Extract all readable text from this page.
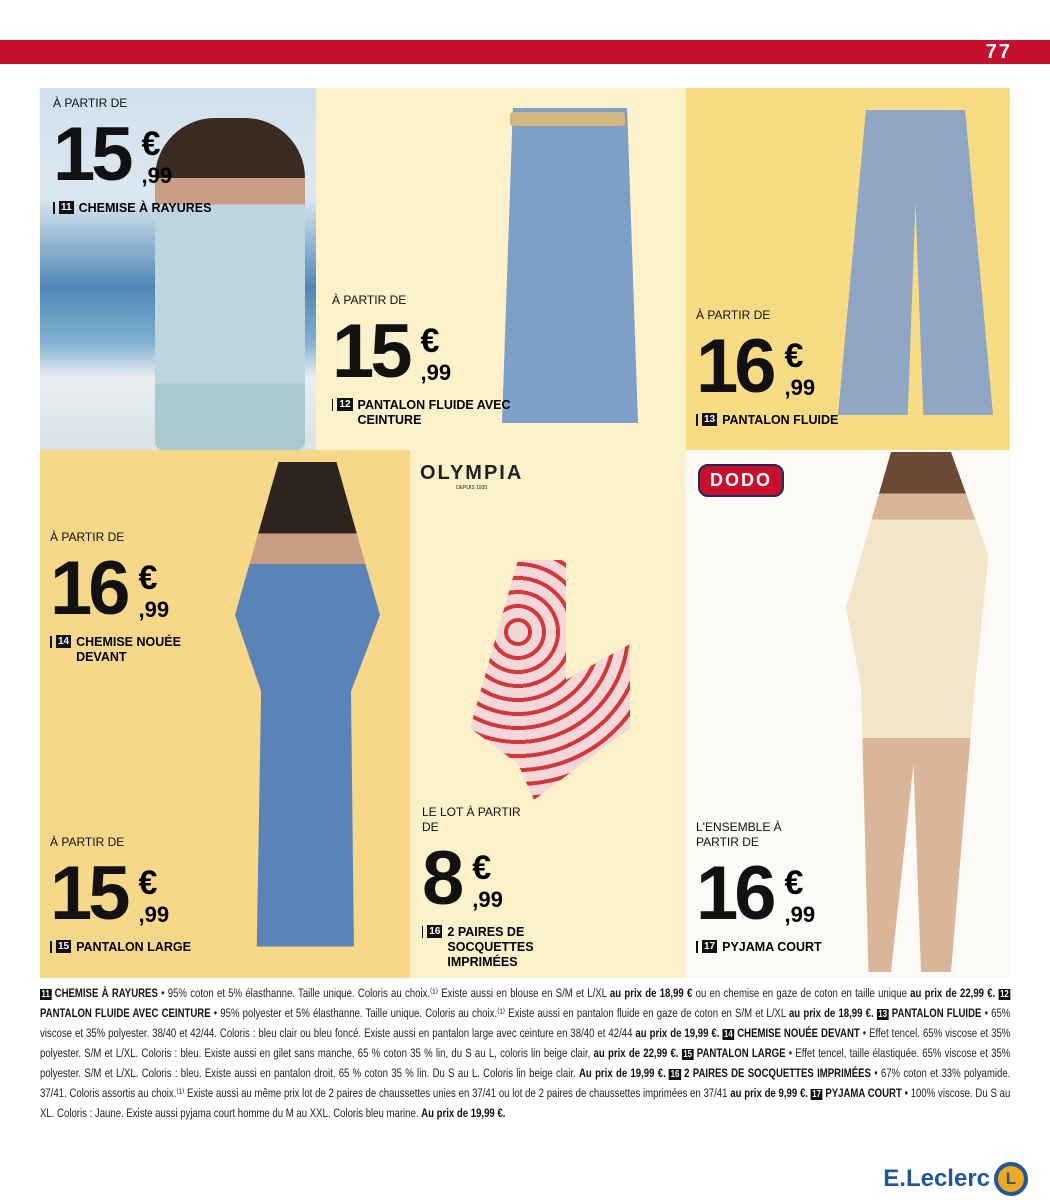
77
À PARTIR DE
15 €
,99
11 CHEMISE À RAYURES
À PARTIR DE
15 €
,99
12 PANTALON FLUIDE AVEC CEINTURE
À PARTIR DE
16 €
,99
13 PANTALON FLUIDE
À PARTIR DE
16 €
,99
14 CHEMISE NOUÉE DEVANT
À PARTIR DE
15 €
,99
15 PANTALON LARGE
OLYMPIA
DEPUIS 1935
LE LOT À PARTIR DE
8 €
,99
16 2 PAIRES DE SOCQUETTES IMPRIMÉES
DODO
L'ENSEMBLE À PARTIR DE
16 €
,99
17 PYJAMA COURT
11 CHEMISE À RAYURES • 95% coton et 5% élasthanne. Taille unique. Coloris au choix.⁽¹⁾ Existe aussi en blouse en S/M et L/XL au prix de 18,99 € ou en chemise en gaze de coton en taille unique au prix de 22,99 €. 12 PANTALON FLUIDE AVEC CEINTURE • 95% polyester et 5% élasthanne. Taille unique. Coloris au choix.⁽¹⁾ Existe aussi en pantalon fluide en gaze de coton en S/M et L/XL au prix de 18,99 €. 13 PANTALON FLUIDE • 65% viscose et 35% polyester. 38/40 et 42/44. Coloris : bleu clair ou bleu foncé. Existe aussi en pantalon large avec ceinture en 38/40 et 42/44 au prix de 19,99 €. 14 CHEMISE NOUÉE DEVANT • Effet tencel. 65% viscose et 35% polyester. S/M et L/XL. Coloris : bleu. Existe aussi en gilet sans manche, 65 % coton 35 % lin, du S au L, coloris lin beige clair, au prix de 22,99 €. 15 PANTALON LARGE • Effet tencel, taille élastiquée. 65% viscose et 35% polyester. S/M et L/XL. Coloris : bleu. Existe aussi en pantalon droit, 65 % coton 35 % lin. Du S au L. Coloris lin beige clair. Au prix de 19,99 €. 16 2 PAIRES DE SOCQUETTES IMPRIMÉES • 67% coton et 33% polyamide. 37/41. Coloris assortis au choix.⁽¹⁾ Existe aussi au même prix lot de 2 paires de chaussettes unies en 37/41 ou lot de 2 paires de chaussettes imprimées en 37/41 au prix de 9,99 €. 17 PYJAMA COURT • 100% viscose. Du S au XL. Coloris : Jaune. Existe aussi pyjama court homme du M au XXL. Coloris bleu marine. Au prix de 19,99 €.
E.Leclerc L
